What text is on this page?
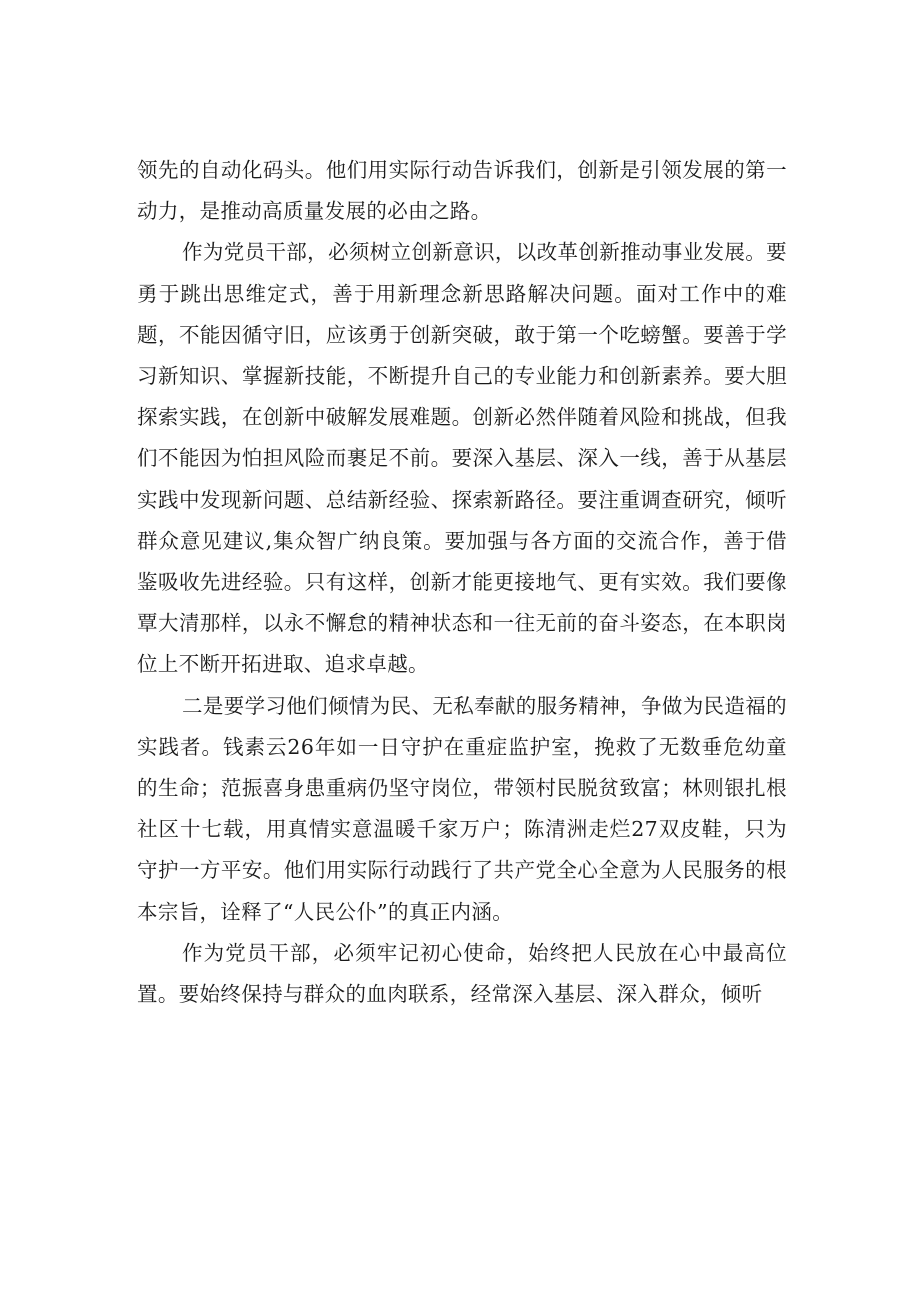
领先的自动化码头。他们用实际行动告诉我们，创新是引领发展的第一动力，是推动高质量发展的必由之路。

作为党员干部，必须树立创新意识，以改革创新推动事业发展。要勇于跳出思维定式，善于用新理念新思路解决问题。面对工作中的难题，不能因循守旧，应该勇于创新突破，敢于第一个吃螃蟹。要善于学习新知识、掌握新技能，不断提升自己的专业能力和创新素养。要大胆探索实践，在创新中破解发展难题。创新必然伴随着风险和挑战，但我们不能因为怕担风险而裹足不前。要深入基层、深入一线，善于从基层实践中发现新问题、总结新经验、探索新路径。要注重调查研究，倾听群众意见建议,集众智广纳良策。要加强与各方面的交流合作，善于借鉴吸收先进经验。只有这样，创新才能更接地气、更有实效。我们要像覃大清那样，以永不懈怠的精神状态和一往无前的奋斗姿态，在本职岗位上不断开拓进取、追求卓越。

二是要学习他们倾情为民、无私奉献的服务精神，争做为民造福的实践者。钱素云26年如一日守护在重症监护室，挽救了无数垂危幼童的生命；范振喜身患重病仍坚守岗位，带领村民脱贫致富；林则银扎根社区十七载，用真情实意温暖千家万户；陈清洲走烂27双皮鞋，只为守护一方平安。他们用实际行动践行了共产党全心全意为人民服务的根本宗旨，诠释了“人民公仆”的真正内涵。

作为党员干部，必须牢记初心使命，始终把人民放在心中最高位置。要始终保持与群众的血肉联系，经常深入基层、深入群众，倾听
